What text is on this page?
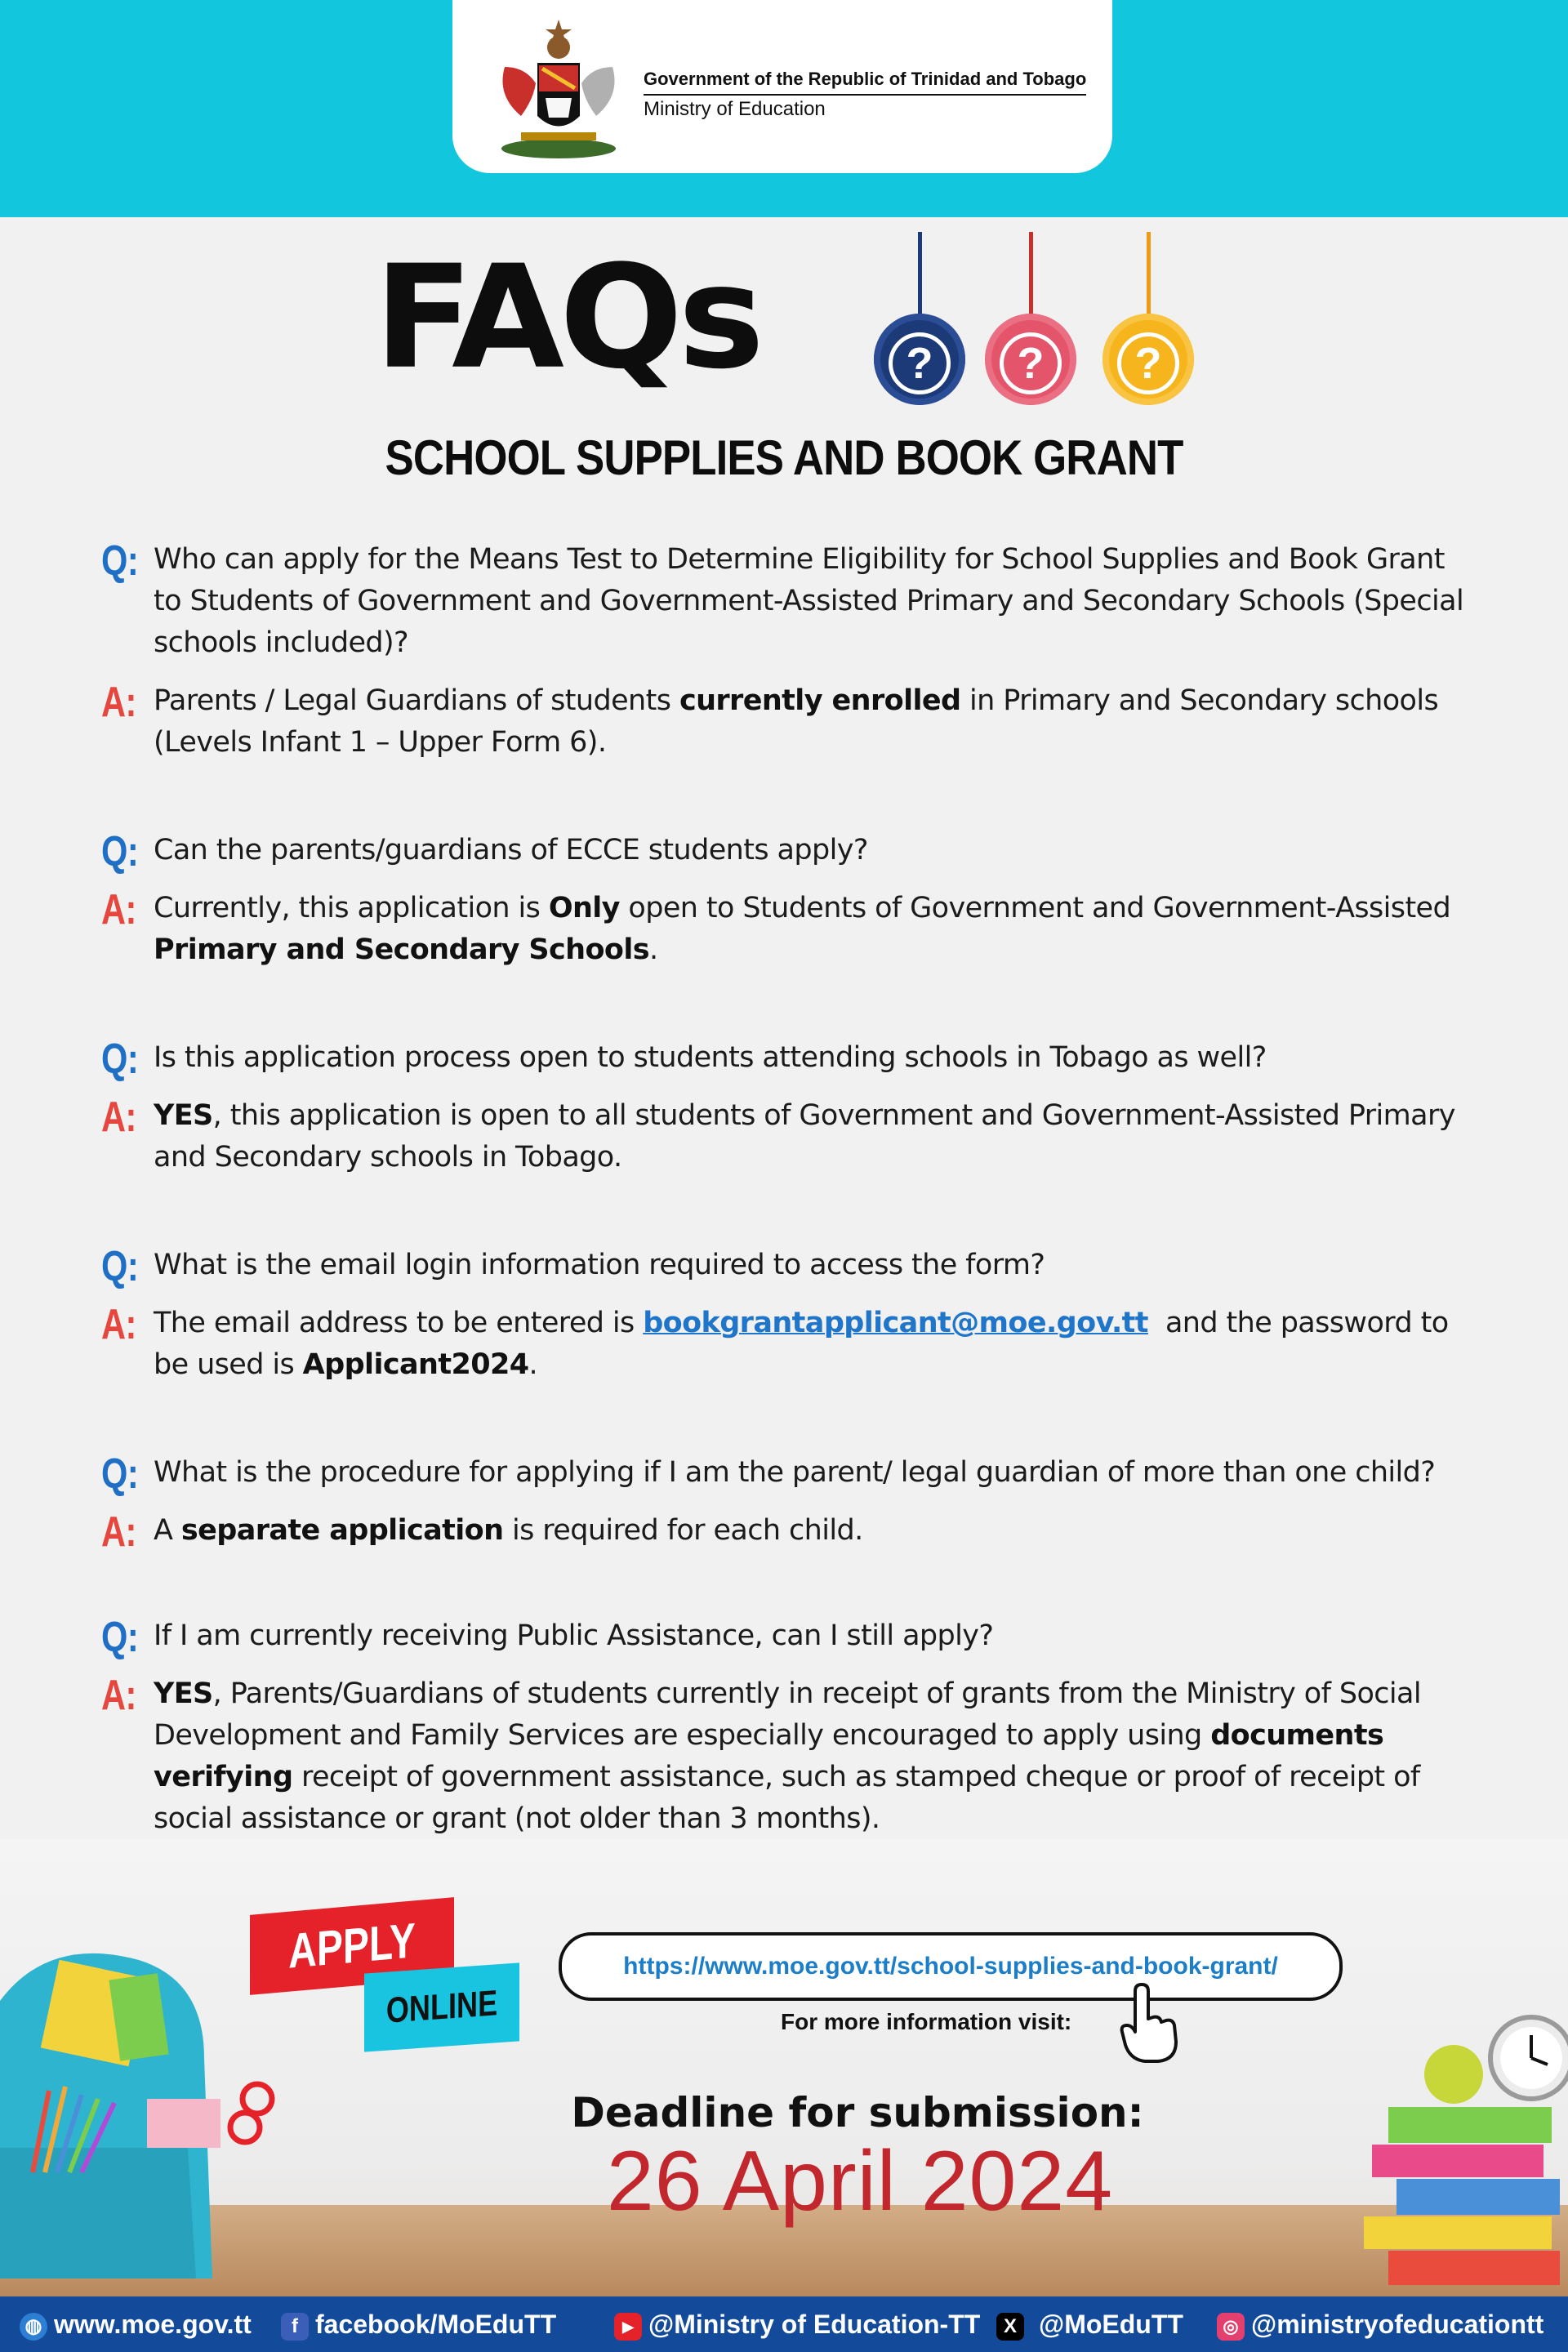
Government of the Republic of Trinidad and Tobago
Ministry of Education
FAQs	?	?	?
SCHOOL SUPPLIES AND BOOK GRANT
Q: Who can apply for the Means Test to Determine Eligibility for School Supplies and Book Grant to Students of Government and Government-Assisted Primary and Secondary Schools (Special schools included)?
A: Parents / Legal Guardians of students currently enrolled in Primary and Secondary schools (Levels Infant 1 – Upper Form 6).
Q: Can the parents/guardians of ECCE students apply?
A: Currently, this application is Only open to Students of Government and Government-Assisted Primary and Secondary Schools.
Q: Is this application process open to students attending schools in Tobago as well?
A: YES, this application is open to all students of Government and Government-Assisted Primary and Secondary schools in Tobago.
Q: What is the email login information required to access the form?
A: The email address to be entered is bookgrantapplicant@moe.gov.tt  and the password to be used is Applicant2024.
Q: What is the procedure for applying if I am the parent/ legal guardian of more than one child?
A: A separate application is required for each child.
Q: If I am currently receiving Public Assistance, can I still apply?
A: YES, Parents/Guardians of students currently in receipt of grants from the Ministry of Social Development and Family Services are especially encouraged to apply using documents verifying receipt of government assistance, such as stamped cheque or proof of receipt of social assistance or grant (not older than 3 months).
APPLY
ONLINE
https://www.moe.gov.tt/school-supplies-and-book-grant/
For more information visit:
Deadline for submission:
26 April 2024
◍ www.moe.gov.tt	f facebook/MoEduTT	▶ @Ministry of Education-TT	X @MoEduTT	◎ @ministryofeducationtt
